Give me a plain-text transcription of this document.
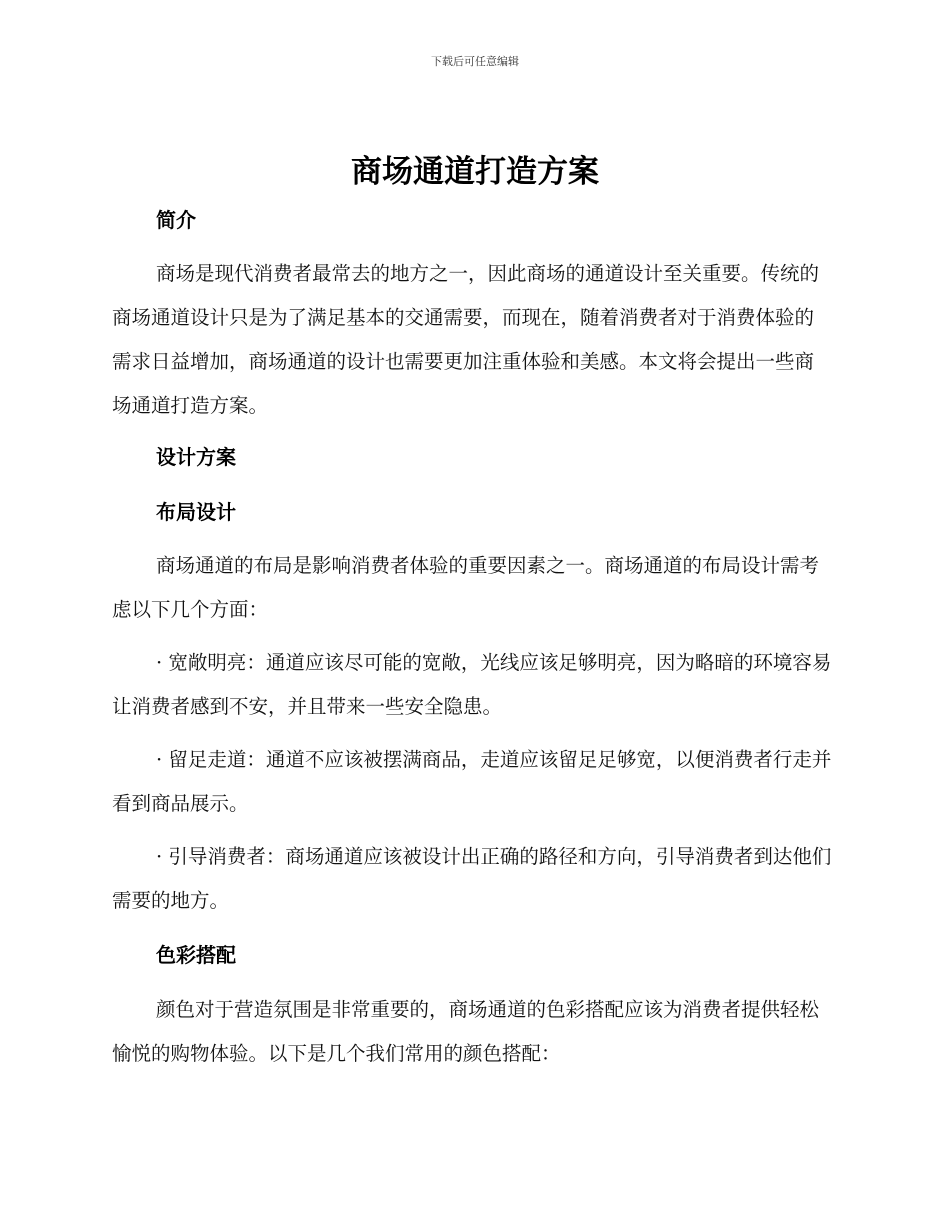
下载后可任意编辑
商场通道打造方案
简介

商场是现代消费者最常去的地方之一，因此商场的通道设计至关重要。传统的商场通道设计只是为了满足基本的交通需要，而现在，随着消费者对于消费体验的需求日益增加，商场通道的设计也需要更加注重体验和美感。本文将会提出一些商场通道打造方案。

设计方案
布局设计

商场通道的布局是影响消费者体验的重要因素之一。商场通道的布局设计需考虑以下几个方面：

· 宽敞明亮：通道应该尽可能的宽敞，光线应该足够明亮，因为略暗的环境容易让消费者感到不安，并且带来一些安全隐患。

· 留足走道：通道不应该被摆满商品，走道应该留足足够宽，以便消费者行走并看到商品展示。

· 引导消费者：商场通道应该被设计出正确的路径和方向，引导消费者到达他们需要的地方。

色彩搭配

颜色对于营造氛围是非常重要的，商场通道的色彩搭配应该为消费者提供轻松愉悦的购物体验。以下是几个我们常用的颜色搭配：
